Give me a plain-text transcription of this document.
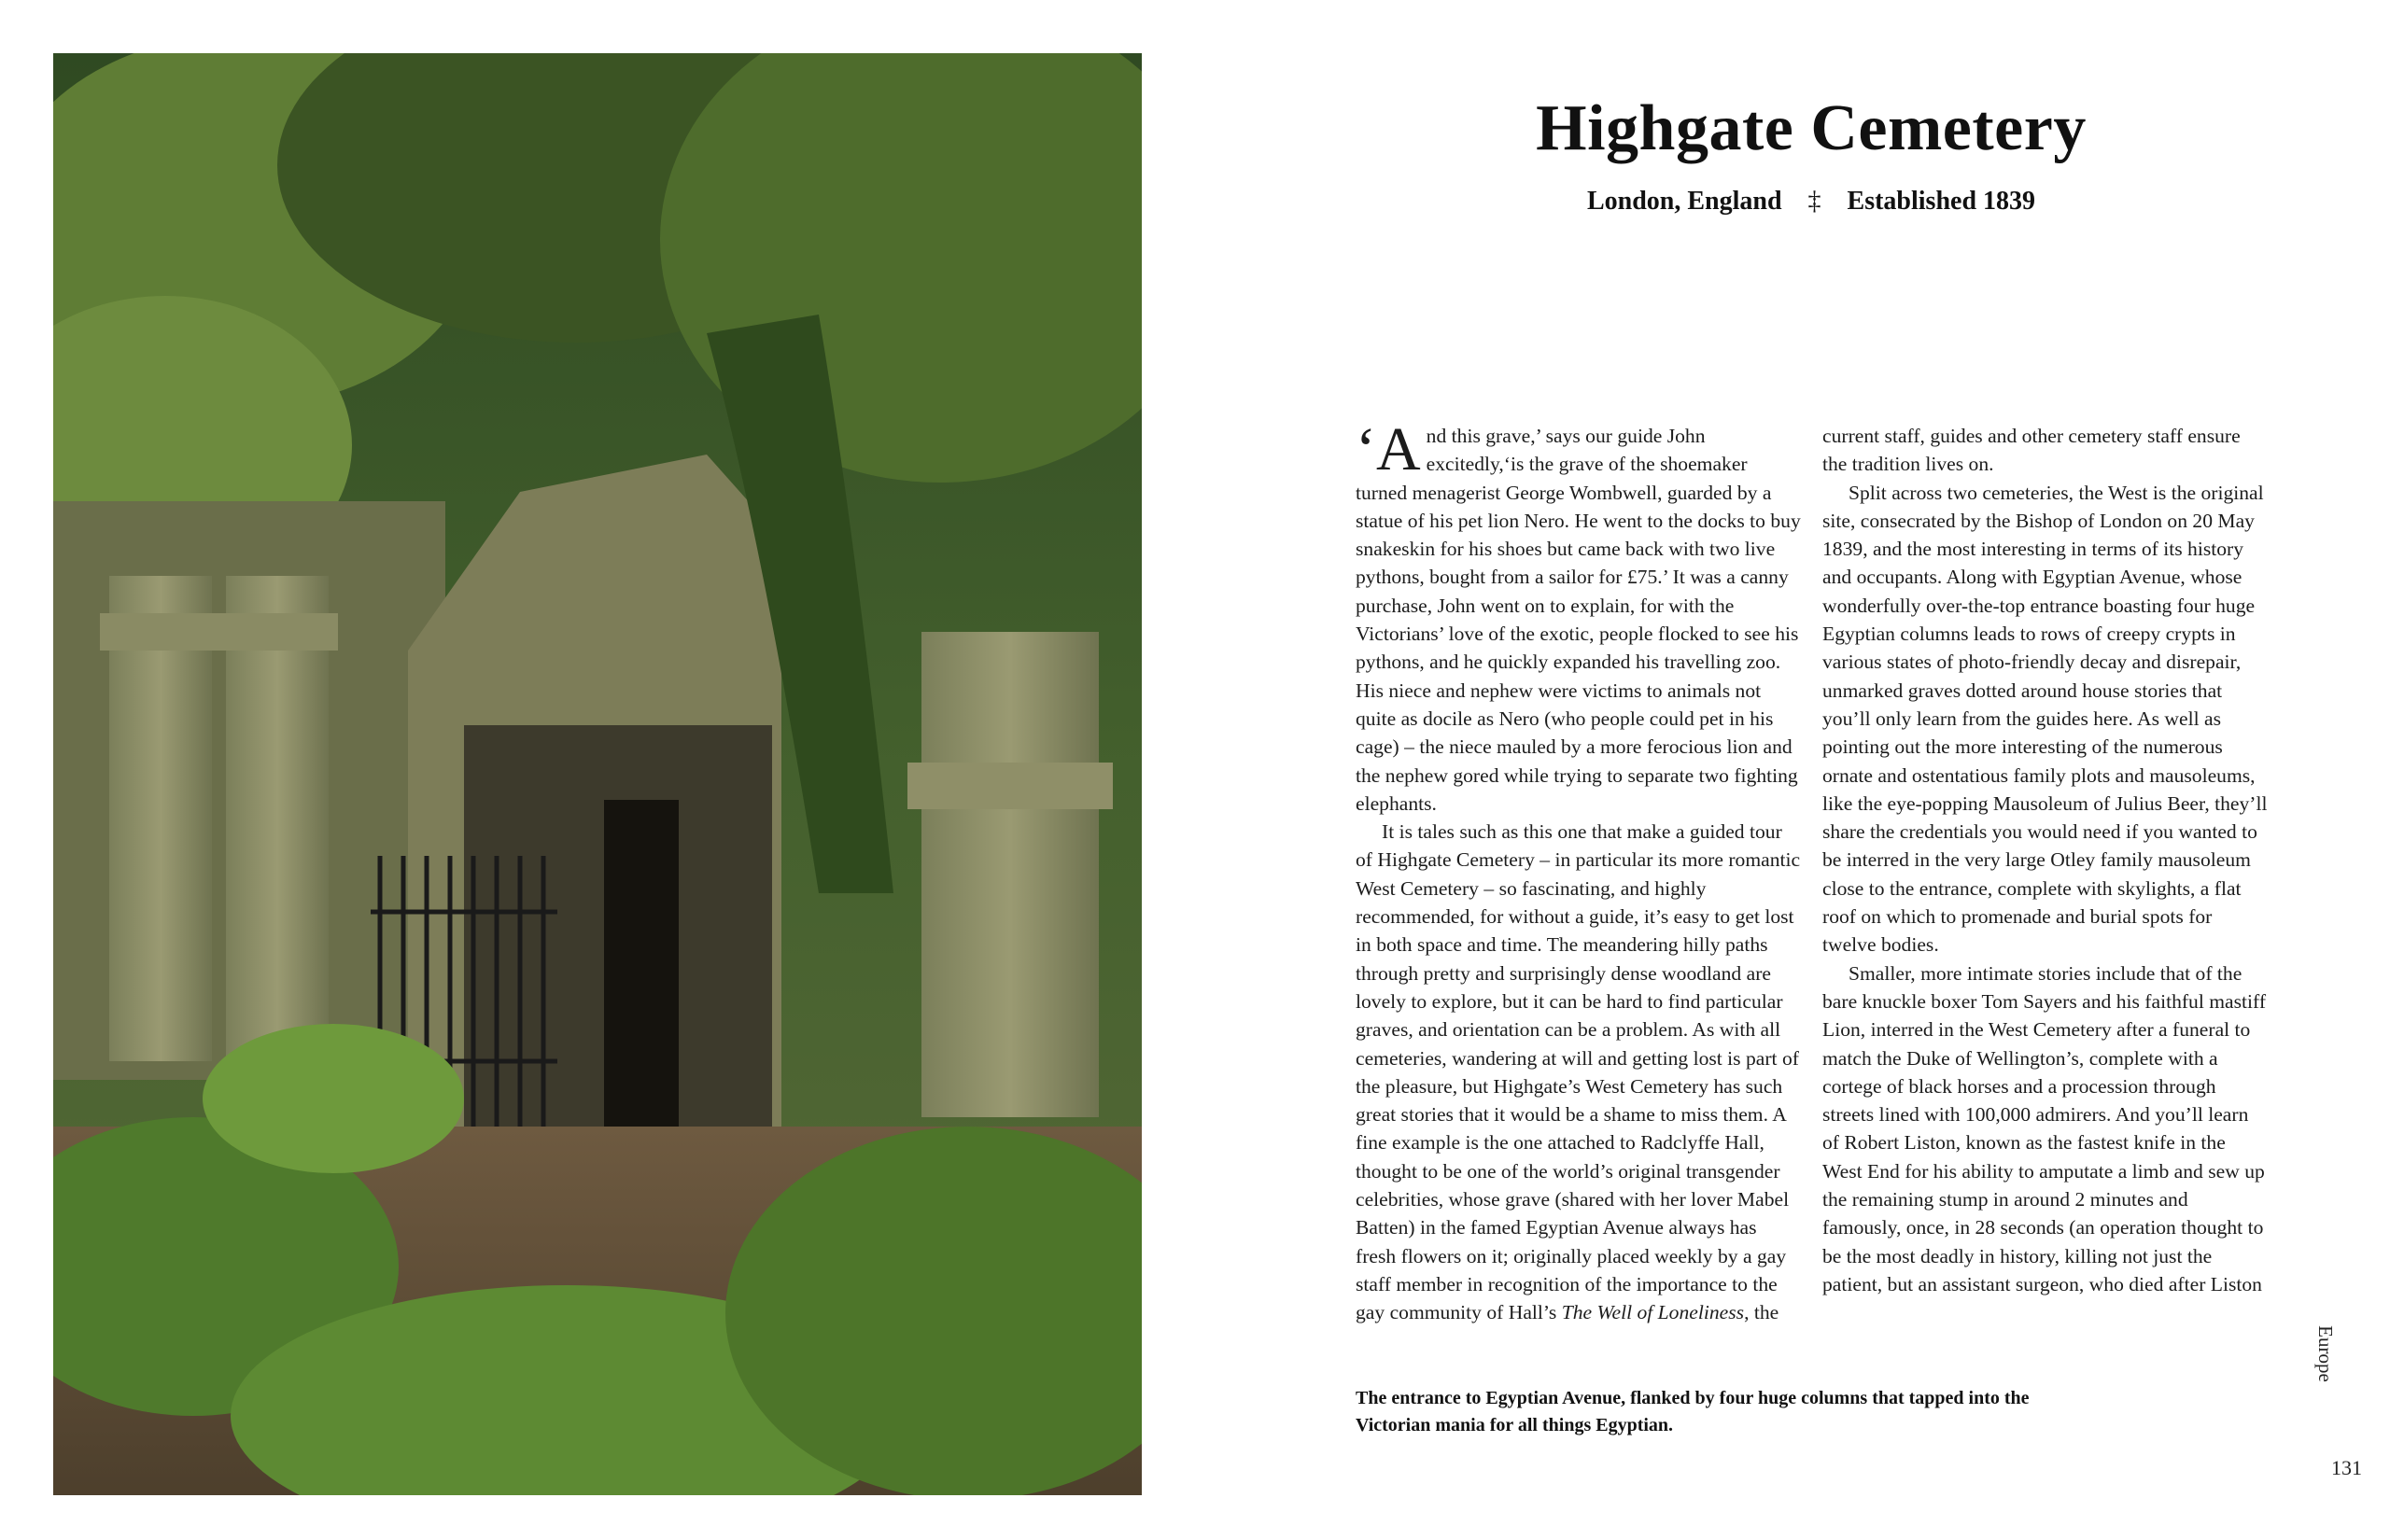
Highgate Cemetery
London, England ‡ Established 1839

‘And this grave,’ says our guide John excitedly,‘is the grave of the shoemaker turned menagerist George Wombwell, guarded by a statue of his pet lion Nero. He went to the docks to buy snakeskin for his shoes but came back with two live pythons, bought from a sailor for £75.’ It was a canny purchase, John went on to explain, for with the Victorians’ love of the exotic, people flocked to see his pythons, and he quickly expanded his travelling zoo. His niece and nephew were victims to animals not quite as docile as Nero (who people could pet in his cage) – the niece mauled by a more ferocious lion and the nephew gored while trying to separate two fighting elephants.

It is tales such as this one that make a guided tour of Highgate Cemetery – in particular its more romantic West Cemetery – so fascinating, and highly recommended, for without a guide, it’s easy to get lost in both space and time. The meandering hilly paths through pretty and surprisingly dense woodland are lovely to explore, but it can be hard to find particular graves, and orientation can be a problem. As with all cemeteries, wandering at will and getting lost is part of the pleasure, but Highgate’s West Cemetery has such great stories that it would be a shame to miss them. A fine example is the one attached to Radclyffe Hall, thought to be one of the world’s original transgender celebrities, whose grave (shared with her lover Mabel Batten) in the famed Egyptian Avenue always has fresh flowers on it; originally placed weekly by a gay staff member in recognition of the importance to the gay community of Hall’s The Well of Loneliness, the

current staff, guides and other cemetery staff ensure the tradition lives on.

Split across two cemeteries, the West is the original site, consecrated by the Bishop of London on 20 May 1839, and the most interesting in terms of its history and occupants. Along with Egyptian Avenue, whose wonderfully over-the-top entrance boasting four huge Egyptian columns leads to rows of creepy crypts in various states of photo-friendly decay and disrepair, unmarked graves dotted around house stories that you’ll only learn from the guides here. As well as pointing out the more interesting of the numerous ornate and ostentatious family plots and mausoleums, like the eye-popping Mausoleum of Julius Beer, they’ll share the credentials you would need if you wanted to be interred in the very large Otley family mausoleum close to the entrance, complete with skylights, a flat roof on which to promenade and burial spots for twelve bodies.

Smaller, more intimate stories include that of the bare knuckle boxer Tom Sayers and his faithful mastiff Lion, interred in the West Cemetery after a funeral to match the Duke of Wellington’s, complete with a cortege of black horses and a procession through streets lined with 100,000 admirers. And you’ll learn of Robert Liston, known as the fastest knife in the West End for his ability to amputate a limb and sew up the remaining stump in around 2 minutes and famously, once, in 28 seconds (an operation thought to be the most deadly in history, killing not just the patient, but an assistant surgeon, who died after Liston

The entrance to Egyptian Avenue, flanked by four huge columns that tapped into the Victorian mania for all things Egyptian.
Europe
131
